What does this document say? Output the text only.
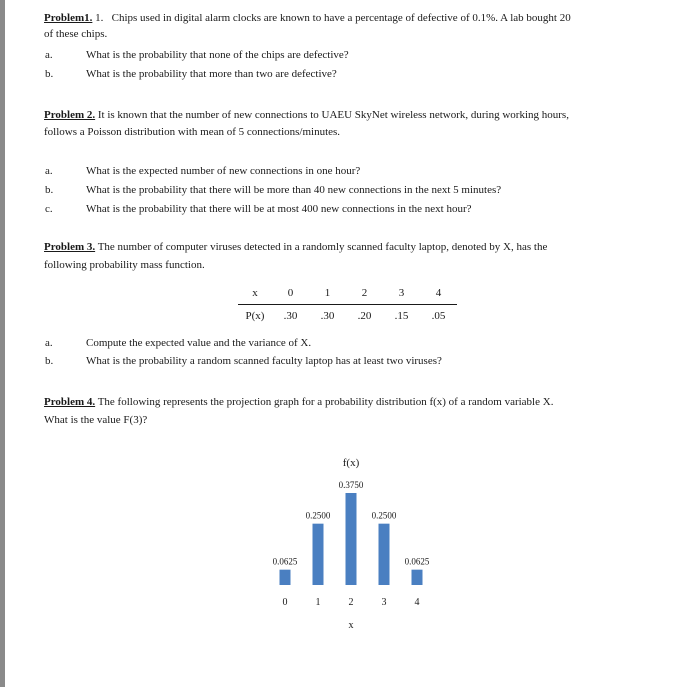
Problem1. 1. Chips used in digital alarm clocks are known to have a percentage of defective of 0.1%. A lab bought 20
of these chips.
a.	What is the probability that none of the chips are defective?
b.	What is the probability that more than two are defective?
Problem 2. It is known that the number of new connections to UAEU SkyNet wireless network, during working hours,
follows a Poisson distribution with mean of 5 connections/minutes.
a.	What is the expected number of new connections in one hour?
b.	What is the probability that there will be more than 40 new connections in the next 5 minutes?
c.	What is the probability that there will be at most 400 new connections in the next hour?
Problem 3. The number of computer viruses detected in a randomly scanned faculty laptop, denoted by X, has the
following probability mass function.
x	0	1	2	3	4
P(x)	.30	.30	.20	.15	.05
a.	Compute the expected value and the variance of X.
b.	What is the probability a random scanned faculty laptop has at least two viruses?
Problem 4. The following represents the projection graph for a probability distribution f(x) of a random variable X.
What is the value F(3)?
f(x)
0.0625
0
0.2500
1
0.3750
2
0.2500
3
0.0625
4
x
